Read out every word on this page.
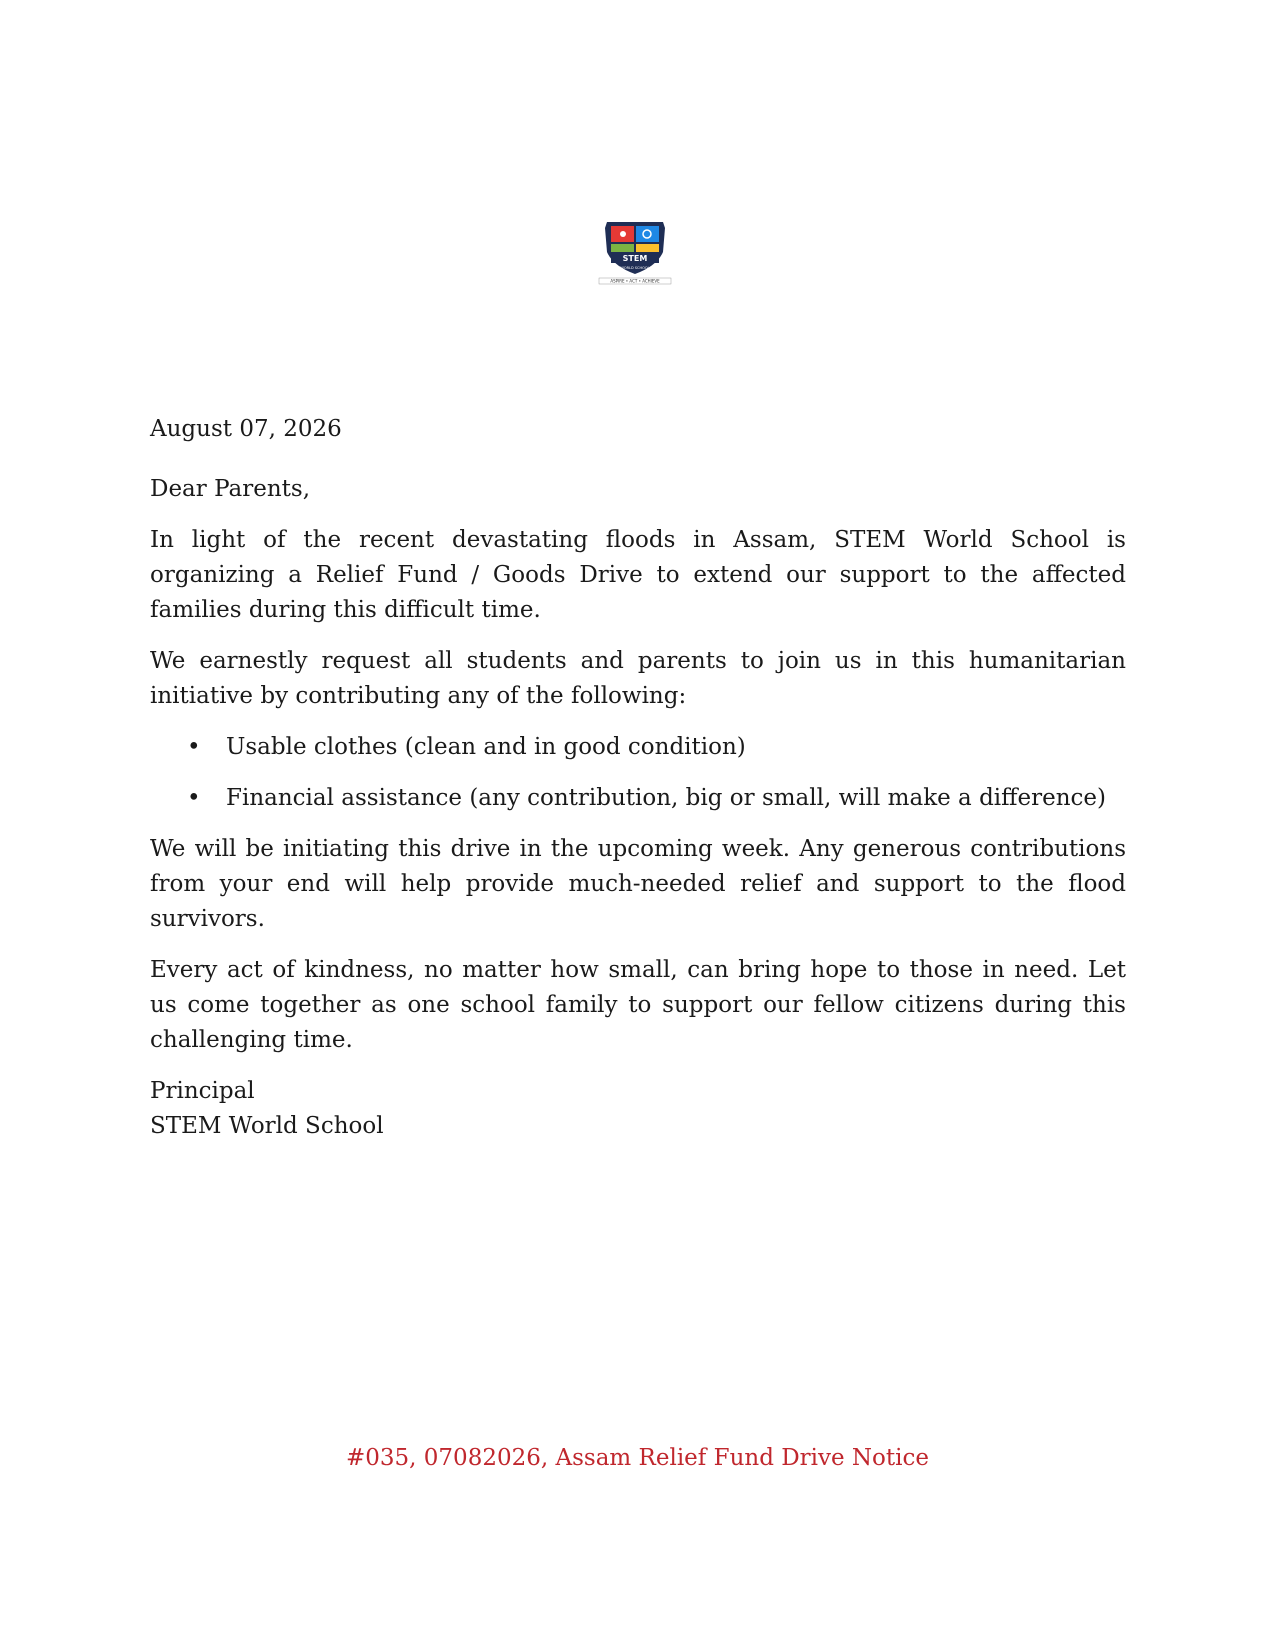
STEM
WORLD SCHOOL
ASPIRE • ACT • ACHIEVE

August 07, 2026

Dear Parents,

In light of the recent devastating floods in Assam, STEM World School is organizing a Relief Fund / Goods Drive to extend our support to the affected families during this difficult time.

We earnestly request all students and parents to join us in this humanitarian initiative by contributing any of the following:

• Usable clothes (clean and in good condition)
• Financial assistance (any contribution, big or small, will make a difference)

We will be initiating this drive in the upcoming week. Any generous contributions from your end will help provide much-needed relief and support to the flood survivors.

Every act of kindness, no matter how small, can bring hope to those in need. Let us come together as one school family to support our fellow citizens during this challenging time.

Principal
STEM World School
#035, 07082026, Assam Relief Fund Drive Notice
